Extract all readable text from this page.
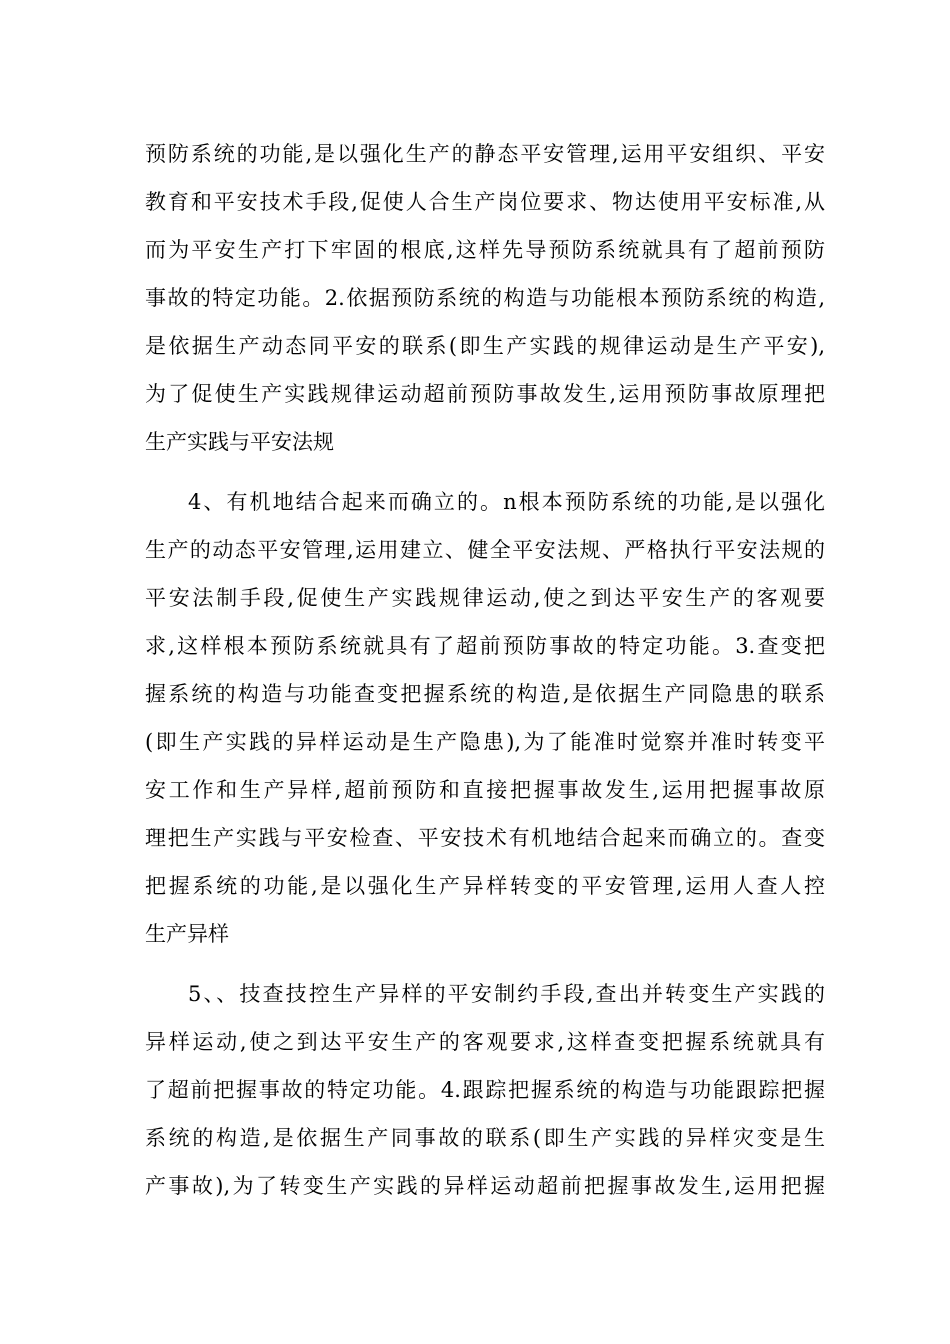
预防系统的功能,是以强化生产的静态平安管理,运用平安组织、平安
教育和平安技术手段,促使人合生产岗位要求、物达使用平安标准,从
而为平安生产打下牢固的根底,这样先导预防系统就具有了超前预防
事故的特定功能。2.依据预防系统的构造与功能根本预防系统的构造,
是依据生产动态同平安的联系(即生产实践的规律运动是生产平安),
为了促使生产实践规律运动超前预防事故发生,运用预防事故原理把
生产实践与平安法规
4、有机地结合起来而确立的。n根本预防系统的功能,是以强化
生产的动态平安管理,运用建立、健全平安法规、严格执行平安法规的
平安法制手段,促使生产实践规律运动,使之到达平安生产的客观要
求,这样根本预防系统就具有了超前预防事故的特定功能。3.查变把
握系统的构造与功能查变把握系统的构造,是依据生产同隐患的联系
(即生产实践的异样运动是生产隐患),为了能准时觉察并准时转变平
安工作和生产异样,超前预防和直接把握事故发生,运用把握事故原
理把生产实践与平安检查、平安技术有机地结合起来而确立的。查变
把握系统的功能,是以强化生产异样转变的平安管理,运用人查人控
生产异样
5、、技查技控生产异样的平安制约手段,查出并转变生产实践的
异样运动,使之到达平安生产的客观要求,这样查变把握系统就具有
了超前把握事故的特定功能。4.跟踪把握系统的构造与功能跟踪把握
系统的构造,是依据生产同事故的联系(即生产实践的异样灾变是生
产事故),为了转变生产实践的异样运动超前把握事故发生,运用把握
